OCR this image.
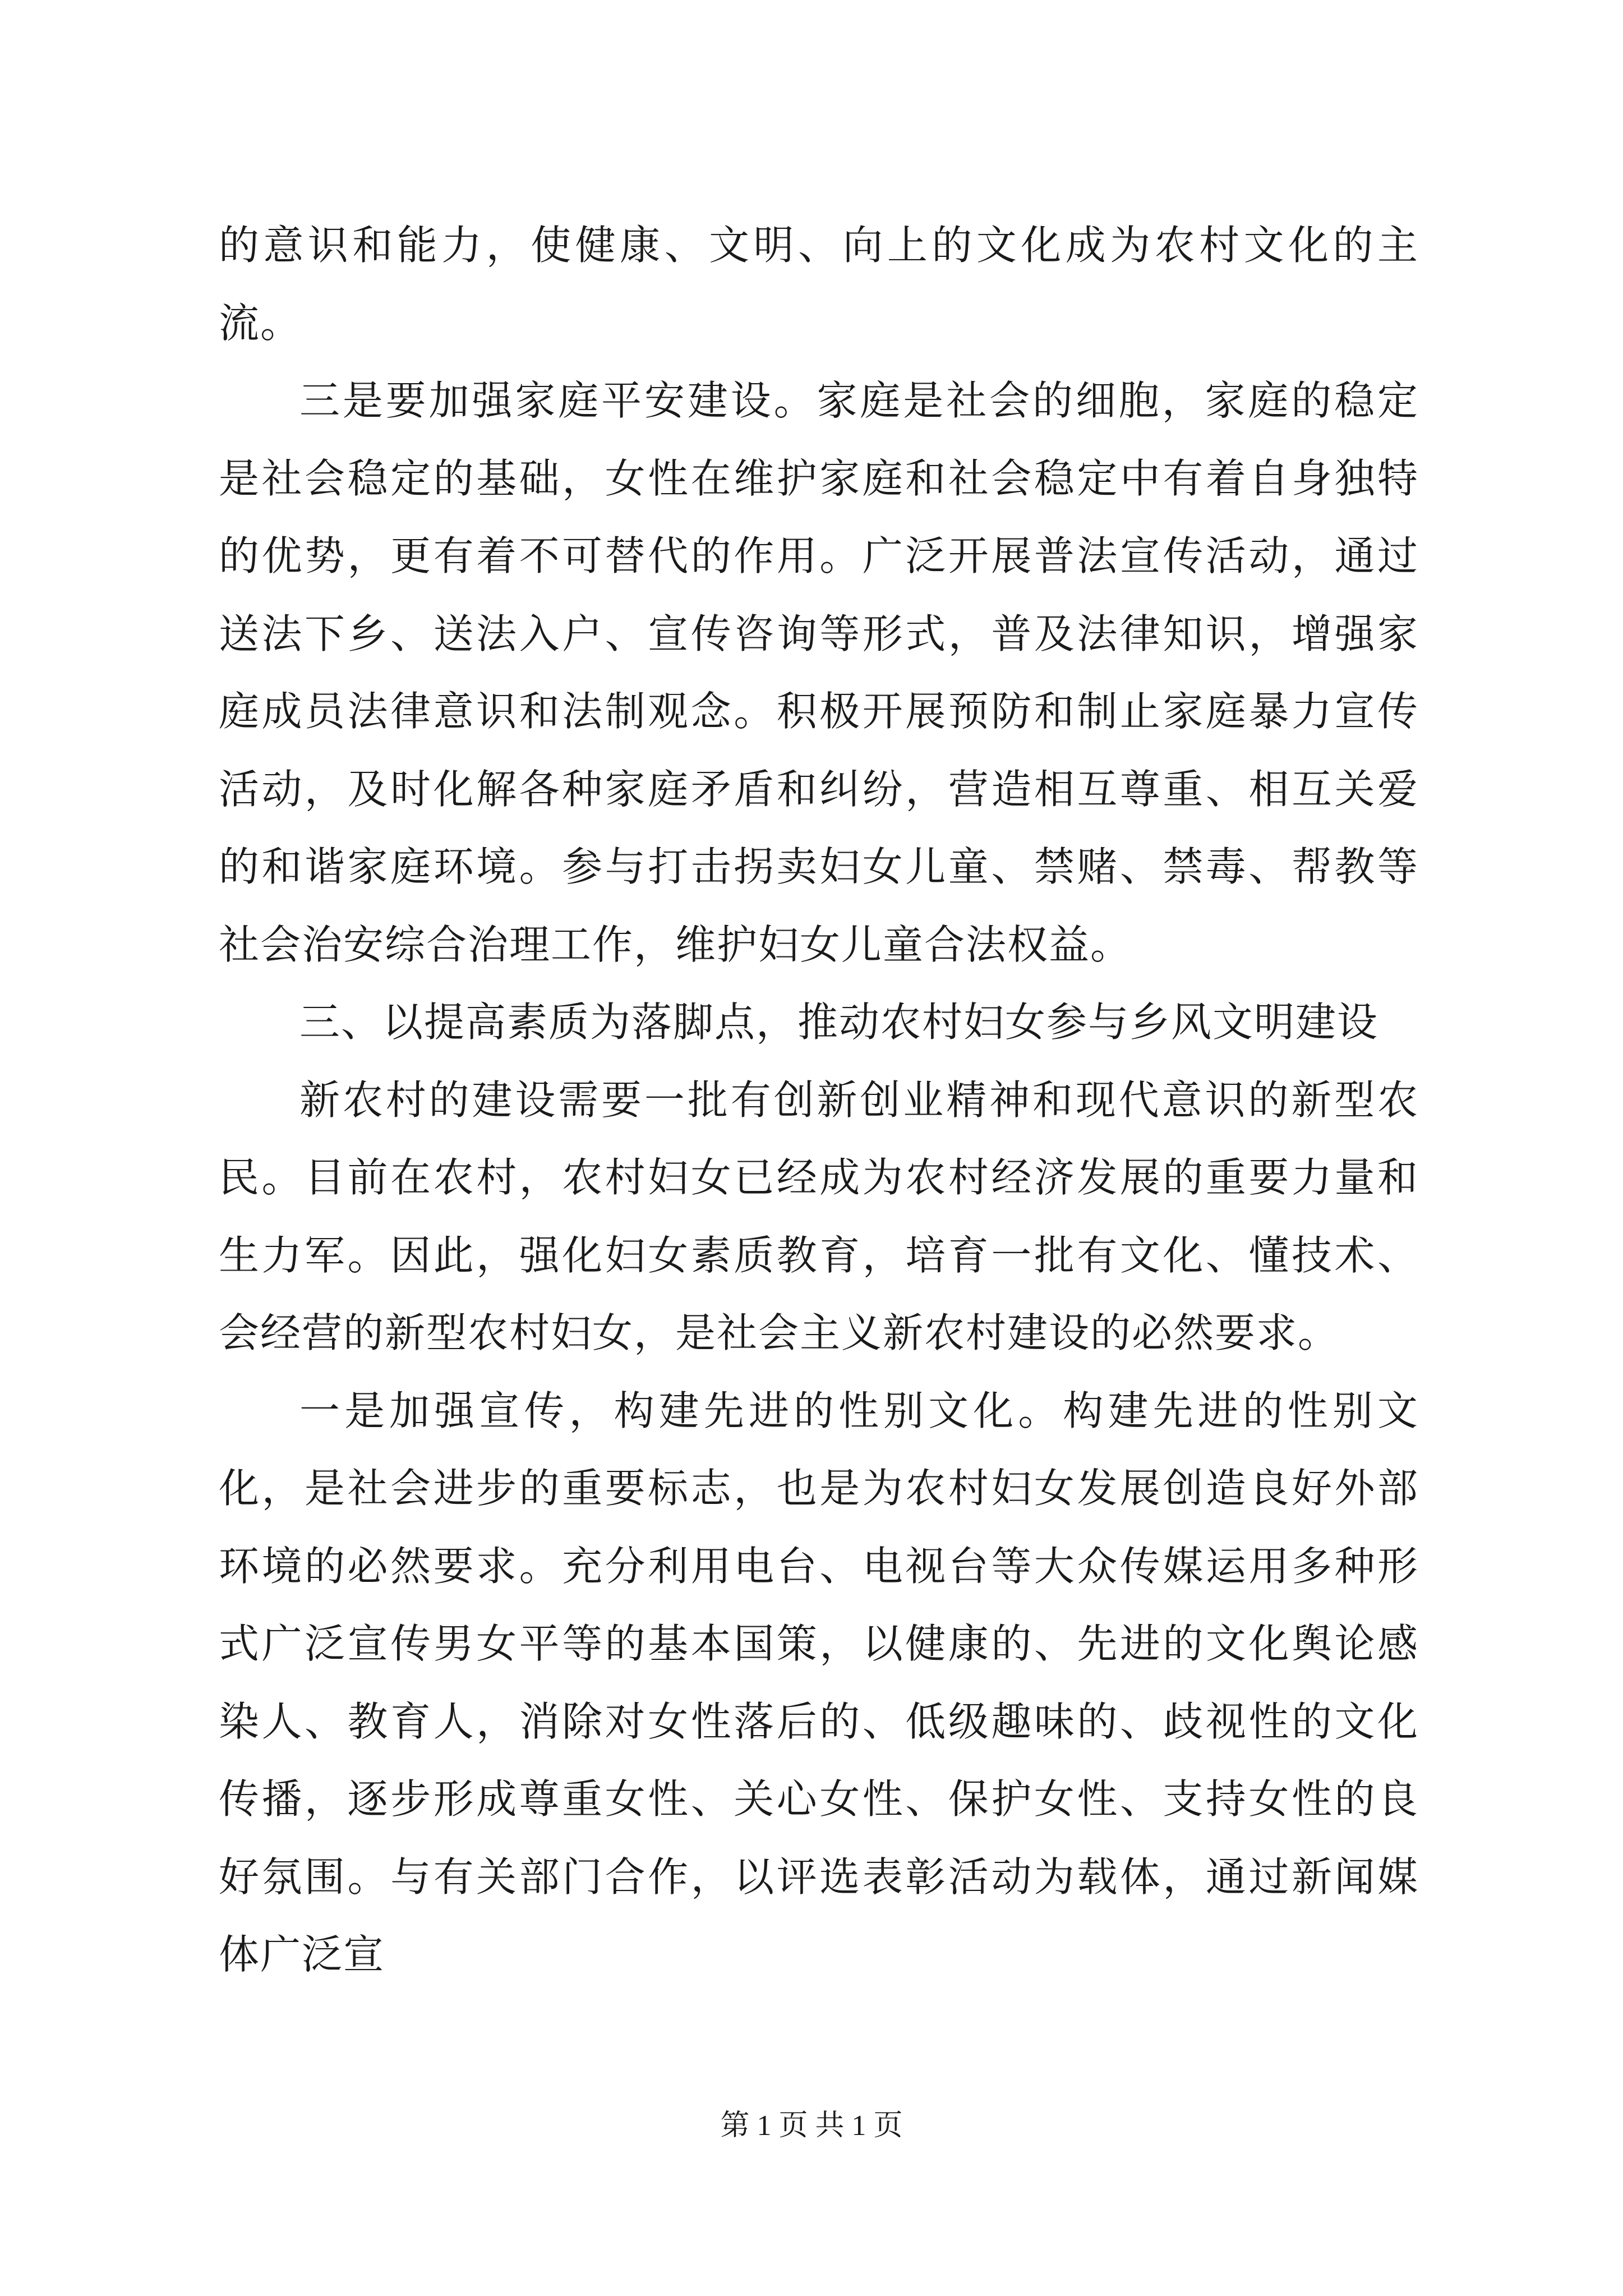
的意识和能力，使健康、文明、向上的文化成为农村文化的主流。

三是要加强家庭平安建设。家庭是社会的细胞，家庭的稳定是社会稳定的基础，女性在维护家庭和社会稳定中有着自身独特的优势，更有着不可替代的作用。广泛开展普法宣传活动，通过送法下乡、送法入户、宣传咨询等形式，普及法律知识，增强家庭成员法律意识和法制观念。积极开展预防和制止家庭暴力宣传活动，及时化解各种家庭矛盾和纠纷，营造相互尊重、相互关爱的和谐家庭环境。参与打击拐卖妇女儿童、禁赌、禁毒、帮教等社会治安综合治理工作，维护妇女儿童合法权益。

三、以提高素质为落脚点，推动农村妇女参与乡风文明建设

新农村的建设需要一批有创新创业精神和现代意识的新型农民。目前在农村，农村妇女已经成为农村经济发展的重要力量和生力军。因此，强化妇女素质教育，培育一批有文化、懂技术、会经营的新型农村妇女，是社会主义新农村建设的必然要求。

一是加强宣传，构建先进的性别文化。构建先进的性别文化，是社会进步的重要标志，也是为农村妇女发展创造良好外部环境的必然要求。充分利用电台、电视台等大众传媒运用多种形式广泛宣传男女平等的基本国策，以健康的、先进的文化舆论感染人、教育人，消除对女性落后的、低级趣味的、歧视性的文化传播，逐步形成尊重女性、关心女性、保护女性、支持女性的良好氛围。与有关部门合作，以评选表彰活动为载体，通过新闻媒体广泛宣

第 1 页 共 1 页
